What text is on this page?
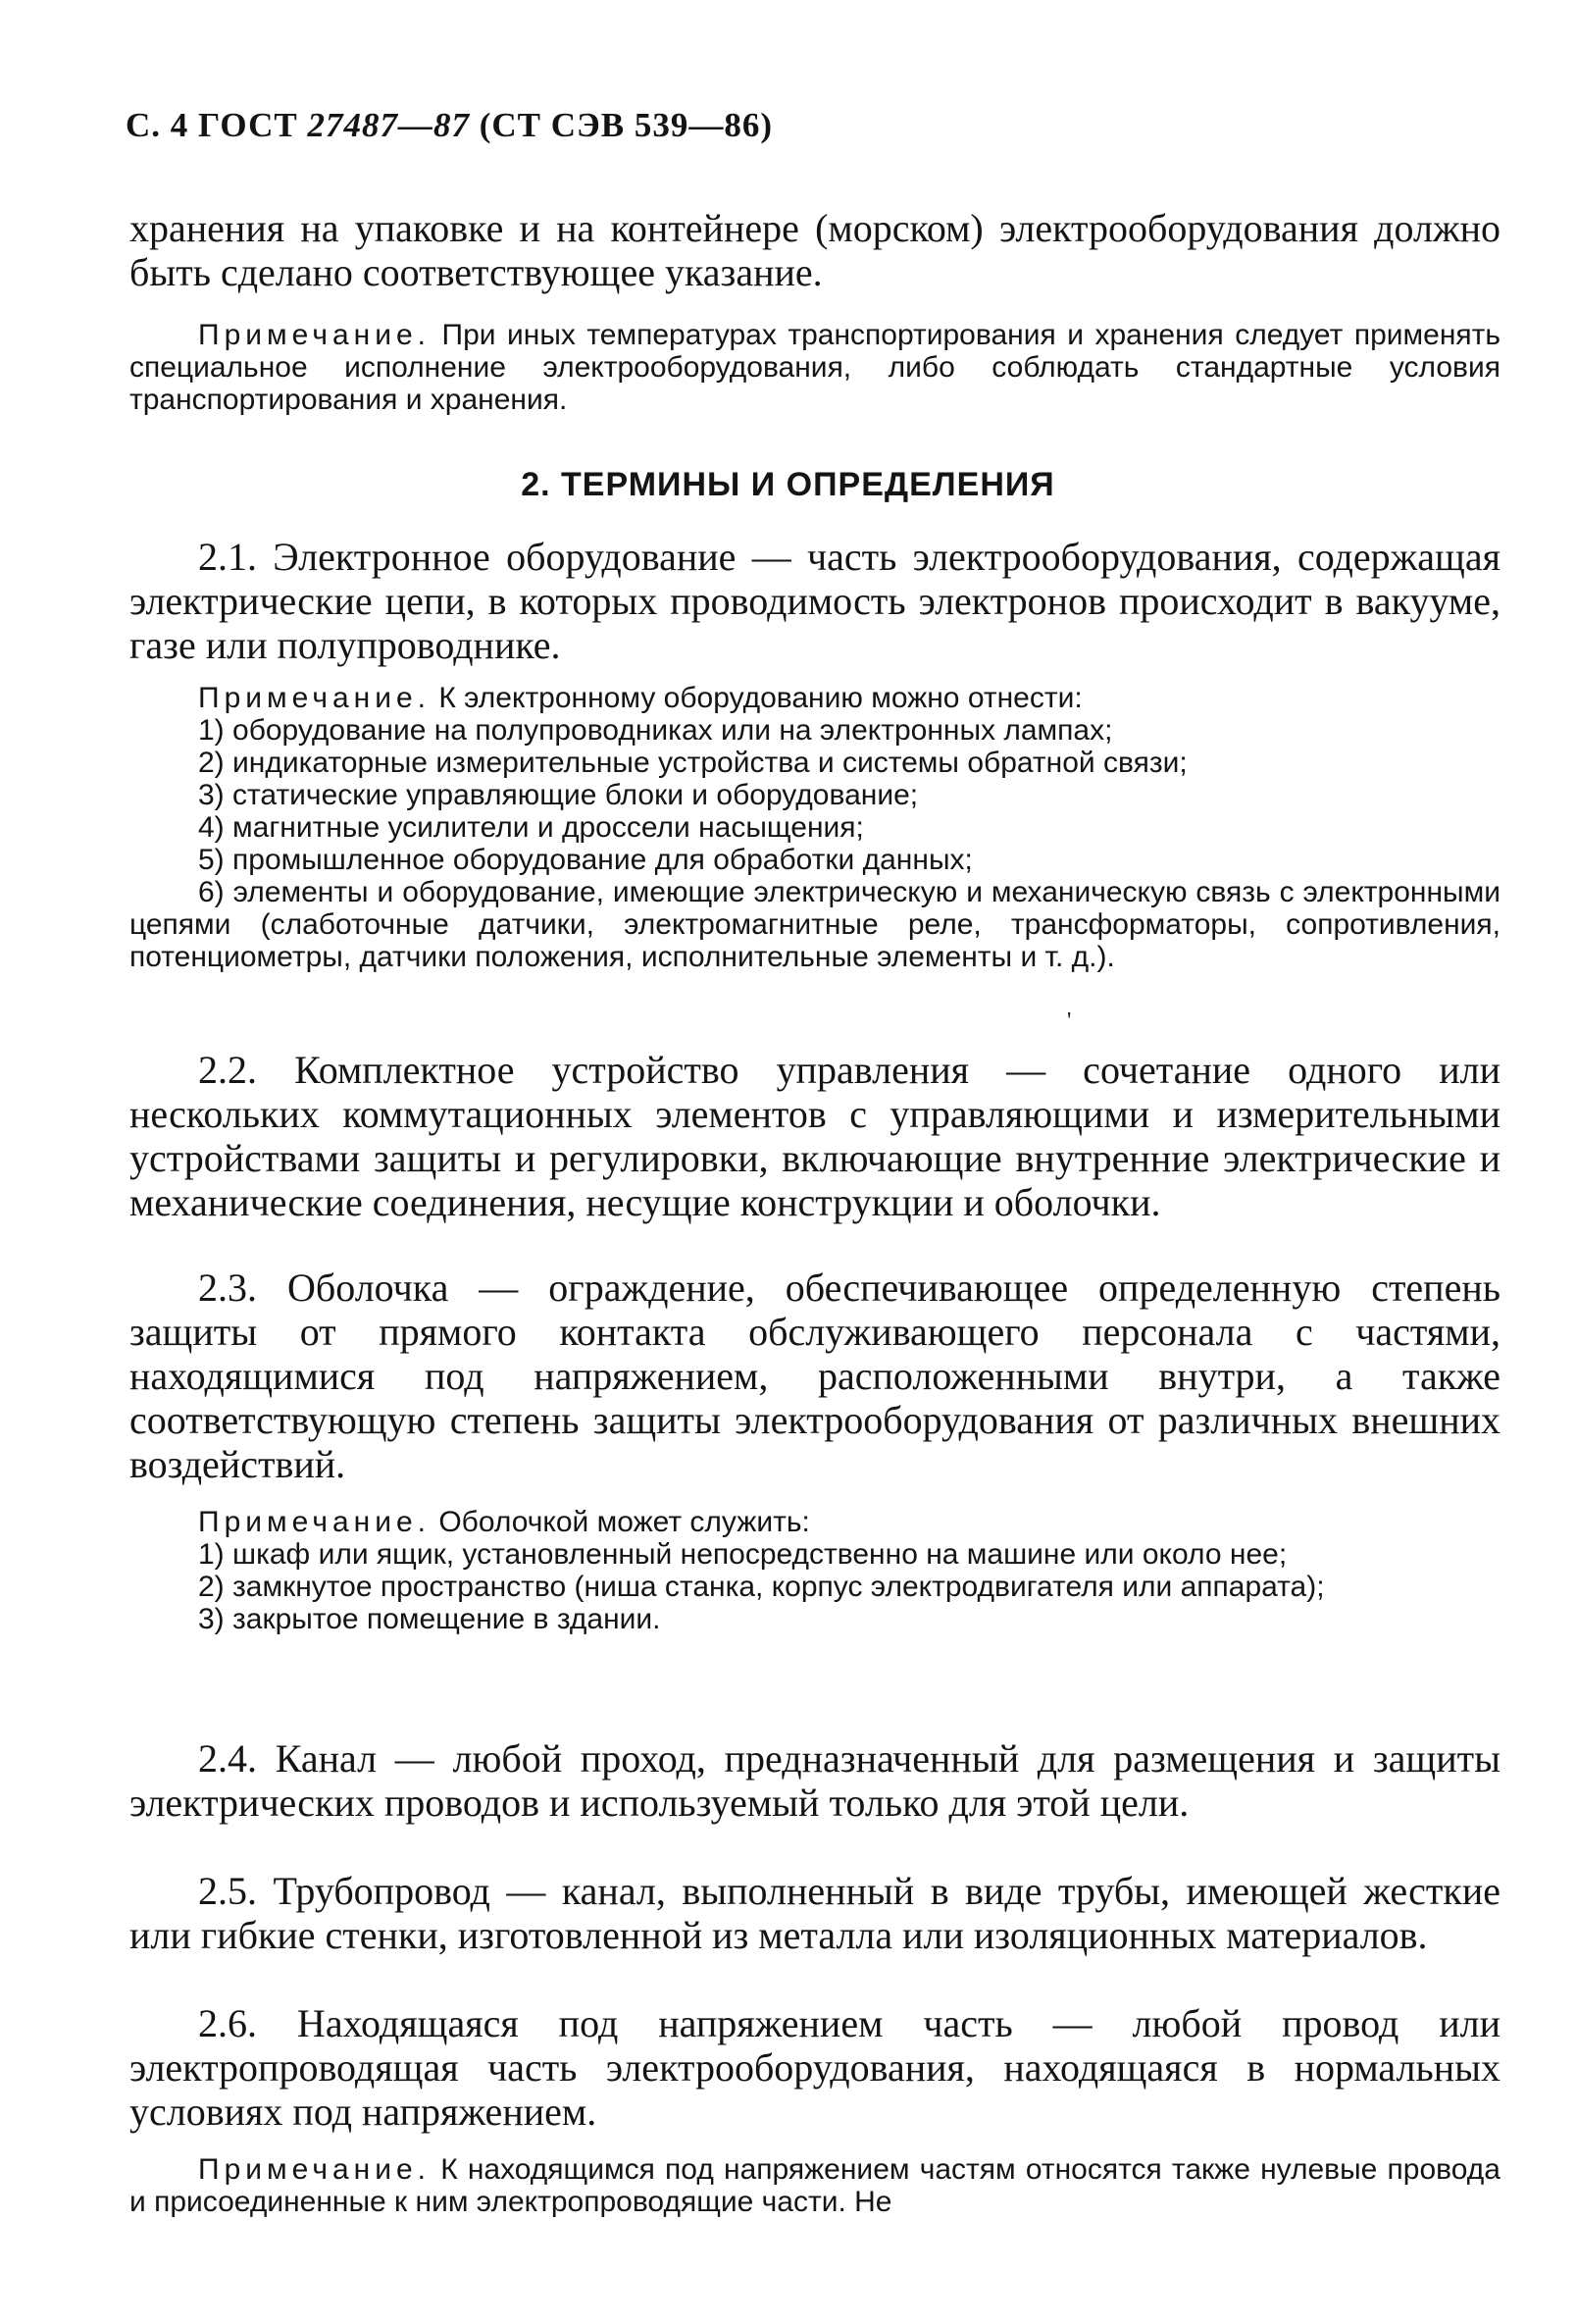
С. 4 ГОСТ 27487—87 (СТ СЭВ 539—86)
хранения на упаковке и на контейнере (морском) электрооборудования должно быть сделано соответствующее указание.
Примечание. При иных температурах транспортирования и хранения следует применять специальное исполнение электрооборудования, либо соблюдать стандартные условия транспортирования и хранения.
2. ТЕРМИНЫ И ОПРЕДЕЛЕНИЯ
2.1. Электронное оборудование — часть электрооборудования, содержащая электрические цепи, в которых проводимость электронов происходит в вакууме, газе или полупроводнике.
Примечание. К электронному оборудованию можно отнести:
1) оборудование на полупроводниках или на электронных лампах;
2) индикаторные измерительные устройства и системы обратной связи;
3) статические управляющие блоки и оборудование;
4) магнитные усилители и дроссели насыщения;
5) промышленное оборудование для обработки данных;
6) элементы и оборудование, имеющие электрическую и механическую связь с электронными цепями (слаботочные датчики, электромагнитные реле, трансформаторы, сопротивления, потенциометры, датчики положения, исполнительные элементы и т. д.).
'
2.2. Комплектное устройство управления — сочетание одного или нескольких коммутационных элементов с управляющими и измерительными устройствами защиты и регулировки, включающие внутренние электрические и механические соединения, несущие конструкции и оболочки.
2.3. Оболочка — ограждение, обеспечивающее определенную степень защиты от прямого контакта обслуживающего персонала с частями, находящимися под напряжением, расположенными внутри, а также соответствующую степень защиты электрооборудования от различных внешних воздействий.
Примечание. Оболочкой может служить:
1) шкаф или ящик, установленный непосредственно на машине или около нее;
2) замкнутое пространство (ниша станка, корпус электродвигателя или аппарата);
3) закрытое помещение в здании.
2.4. Канал — любой проход, предназначенный для размещения и защиты электрических проводов и используемый только для этой цели.
2.5. Трубопровод — канал, выполненный в виде трубы, имеющей жесткие или гибкие стенки, изготовленной из металла или изоляционных материалов.
2.6. Находящаяся под напряжением часть — любой провод или электропроводящая часть электрооборудования, находящаяся в нормальных условиях под напряжением.
Примечание. К находящимся под напряжением частям относятся также нулевые провода и присоединенные к ним электропроводящие части. Не
